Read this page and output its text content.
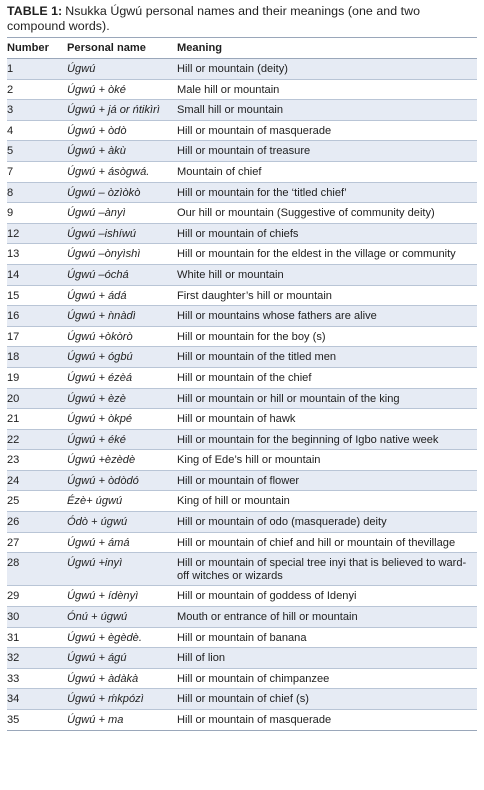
TABLE 1: Nsukka Úgwú personal names and their meanings (one and two compound words).
Number	Personal name	Meaning
1	Úgwú	Hill or mountain (deity)
2	Úgwú + òké	Male hill or mountain
3	Úgwú + já or ńtikìrì	Small hill or mountain
4	Úgwú + òdò	Hill or mountain of masquerade
5	Úgwú + àkù	Hill or mountain of treasure
7	Úgwú + ásògwá.	Mountain of chief
8	Úgwú – òzìòkò	Hill or mountain for the ‘titled chief’
9	Úgwú –ànyì	Our hill or mountain (Suggestive of community deity)
12	Úgwú –ishíwú	Hill or mountain of chiefs
13	Úgwú –ònyìshì	Hill or mountain for the eldest in the village or community
14	Úgwú –óchá	White hill or mountain
15	Úgwú + ádá	First daughter’s hill or mountain
16	Úgwú + ǹnàdì	Hill or mountains whose fathers are alive
17	Úgwú +òkòrò	Hill or mountain for the boy (s)
18	Úgwú + ógbú	Hill or mountain of the titled men
19	Úgwú + ézèá	Hill or mountain of the chief
20	Úgwú + èzè	Hill or mountain or hill or mountain of the king
21	Úgwú + òkpé	Hill or mountain of hawk
22	Úgwú + éké	Hill or mountain for the beginning of Igbo native week
23	Úgwú +èzèdè	King of Ede’s hill or mountain
24	Úgwú + òdòdó	Hill or mountain of flower
25	Ézè+ úgwú	King of hill or mountain
26	Ódò + úgwú	Hill or mountain of odo (masquerade) deity
27	Úgwú + ámá	Hill or mountain of chief and hill or mountain of thevillage
28	Úgwú +inyì	Hill or mountain of special tree inyi that is believed to ward-off witches or wizards
29	Úgwú + ídènyì	Hill or mountain of goddess of Idenyi
30	Ónú + úgwú	Mouth or entrance of hill or mountain
31	Úgwú + ègèdè.	Hill or mountain of banana
32	Úgwú + ágú	Hill of lion
33	Úgwú + àdàkà	Hill or mountain of chimpanzee
34	Úgwú + ḿkpózì	Hill or mountain of chief (s)
35	Úgwú + ma	Hill or mountain of masquerade
